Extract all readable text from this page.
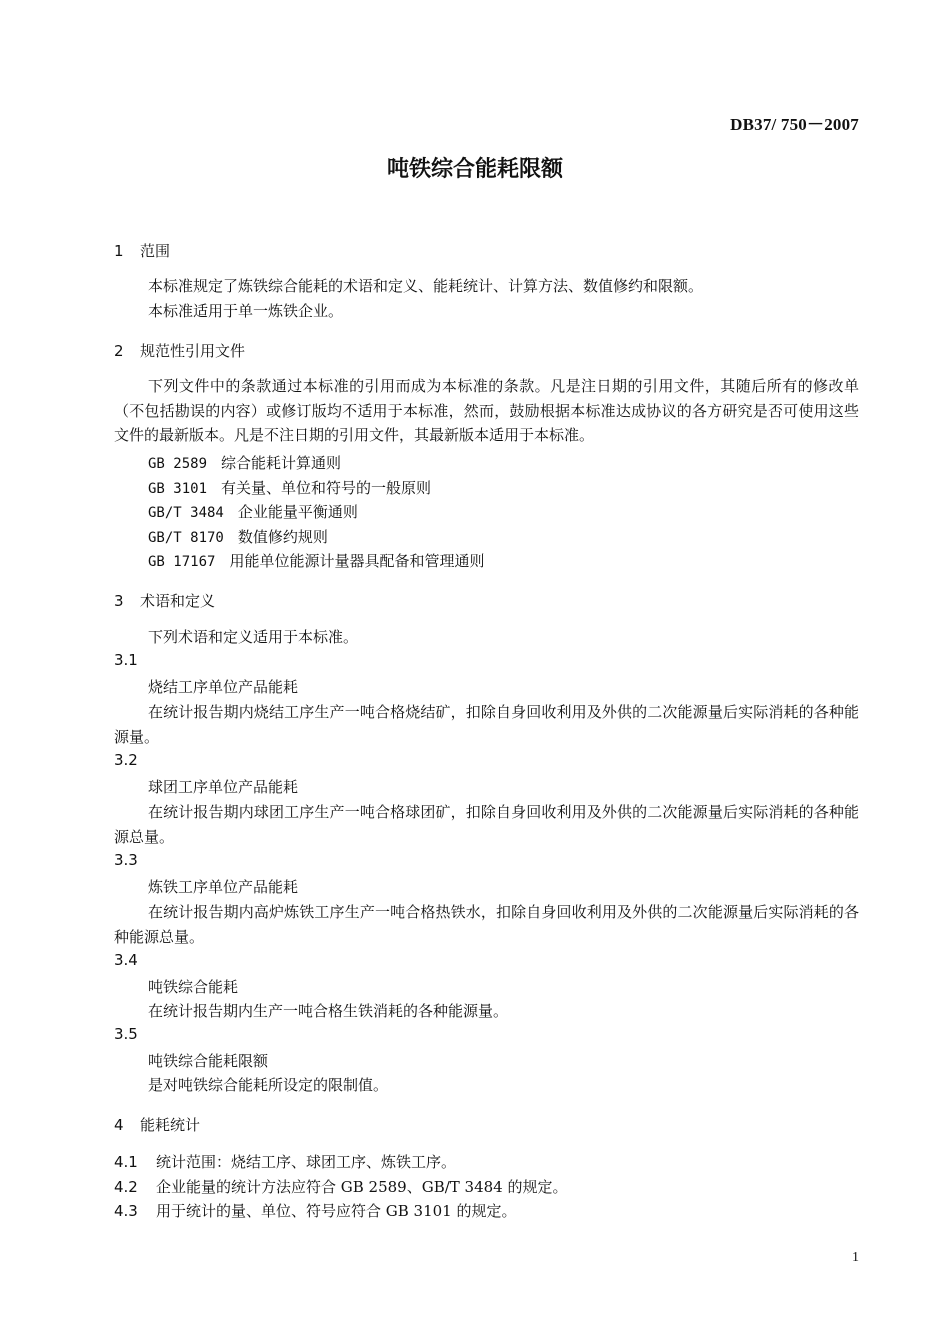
DB37/ 750－2007
吨铁综合能耗限额
1 范围
本标准规定了炼铁综合能耗的术语和定义、能耗统计、计算方法、数值修约和限额。
本标准适用于单一炼铁企业。
2 规范性引用文件
下列文件中的条款通过本标准的引用而成为本标准的条款。凡是注日期的引用文件，其随后所有的修改单（不包括勘误的内容）或修订版均不适用于本标准，然而，鼓励根据本标准达成协议的各方研究是否可使用这些文件的最新版本。凡是不注日期的引用文件，其最新版本适用于本标准。
GB 2589 综合能耗计算通则
GB 3101 有关量、单位和符号的一般原则
GB/T 3484 企业能量平衡通则
GB/T 8170 数值修约规则
GB 17167 用能单位能源计量器具配备和管理通则
3 术语和定义
下列术语和定义适用于本标准。
3.1
烧结工序单位产品能耗
在统计报告期内烧结工序生产一吨合格烧结矿，扣除自身回收利用及外供的二次能源量后实际消耗的各种能源量。
3.2
球团工序单位产品能耗
在统计报告期内球团工序生产一吨合格球团矿，扣除自身回收利用及外供的二次能源量后实际消耗的各种能源总量。
3.3
炼铁工序单位产品能耗
在统计报告期内高炉炼铁工序生产一吨合格热铁水，扣除自身回收利用及外供的二次能源量后实际消耗的各种能源总量。
3.4
吨铁综合能耗
在统计报告期内生产一吨合格生铁消耗的各种能源量。
3.5
吨铁综合能耗限额
是对吨铁综合能耗所设定的限制值。
4 能耗统计
4.1 统计范围：烧结工序、球团工序、炼铁工序。
4.2 企业能量的统计方法应符合 GB 2589、GB/T 3484 的规定。
4.3 用于统计的量、单位、符号应符合 GB 3101 的规定。
1
